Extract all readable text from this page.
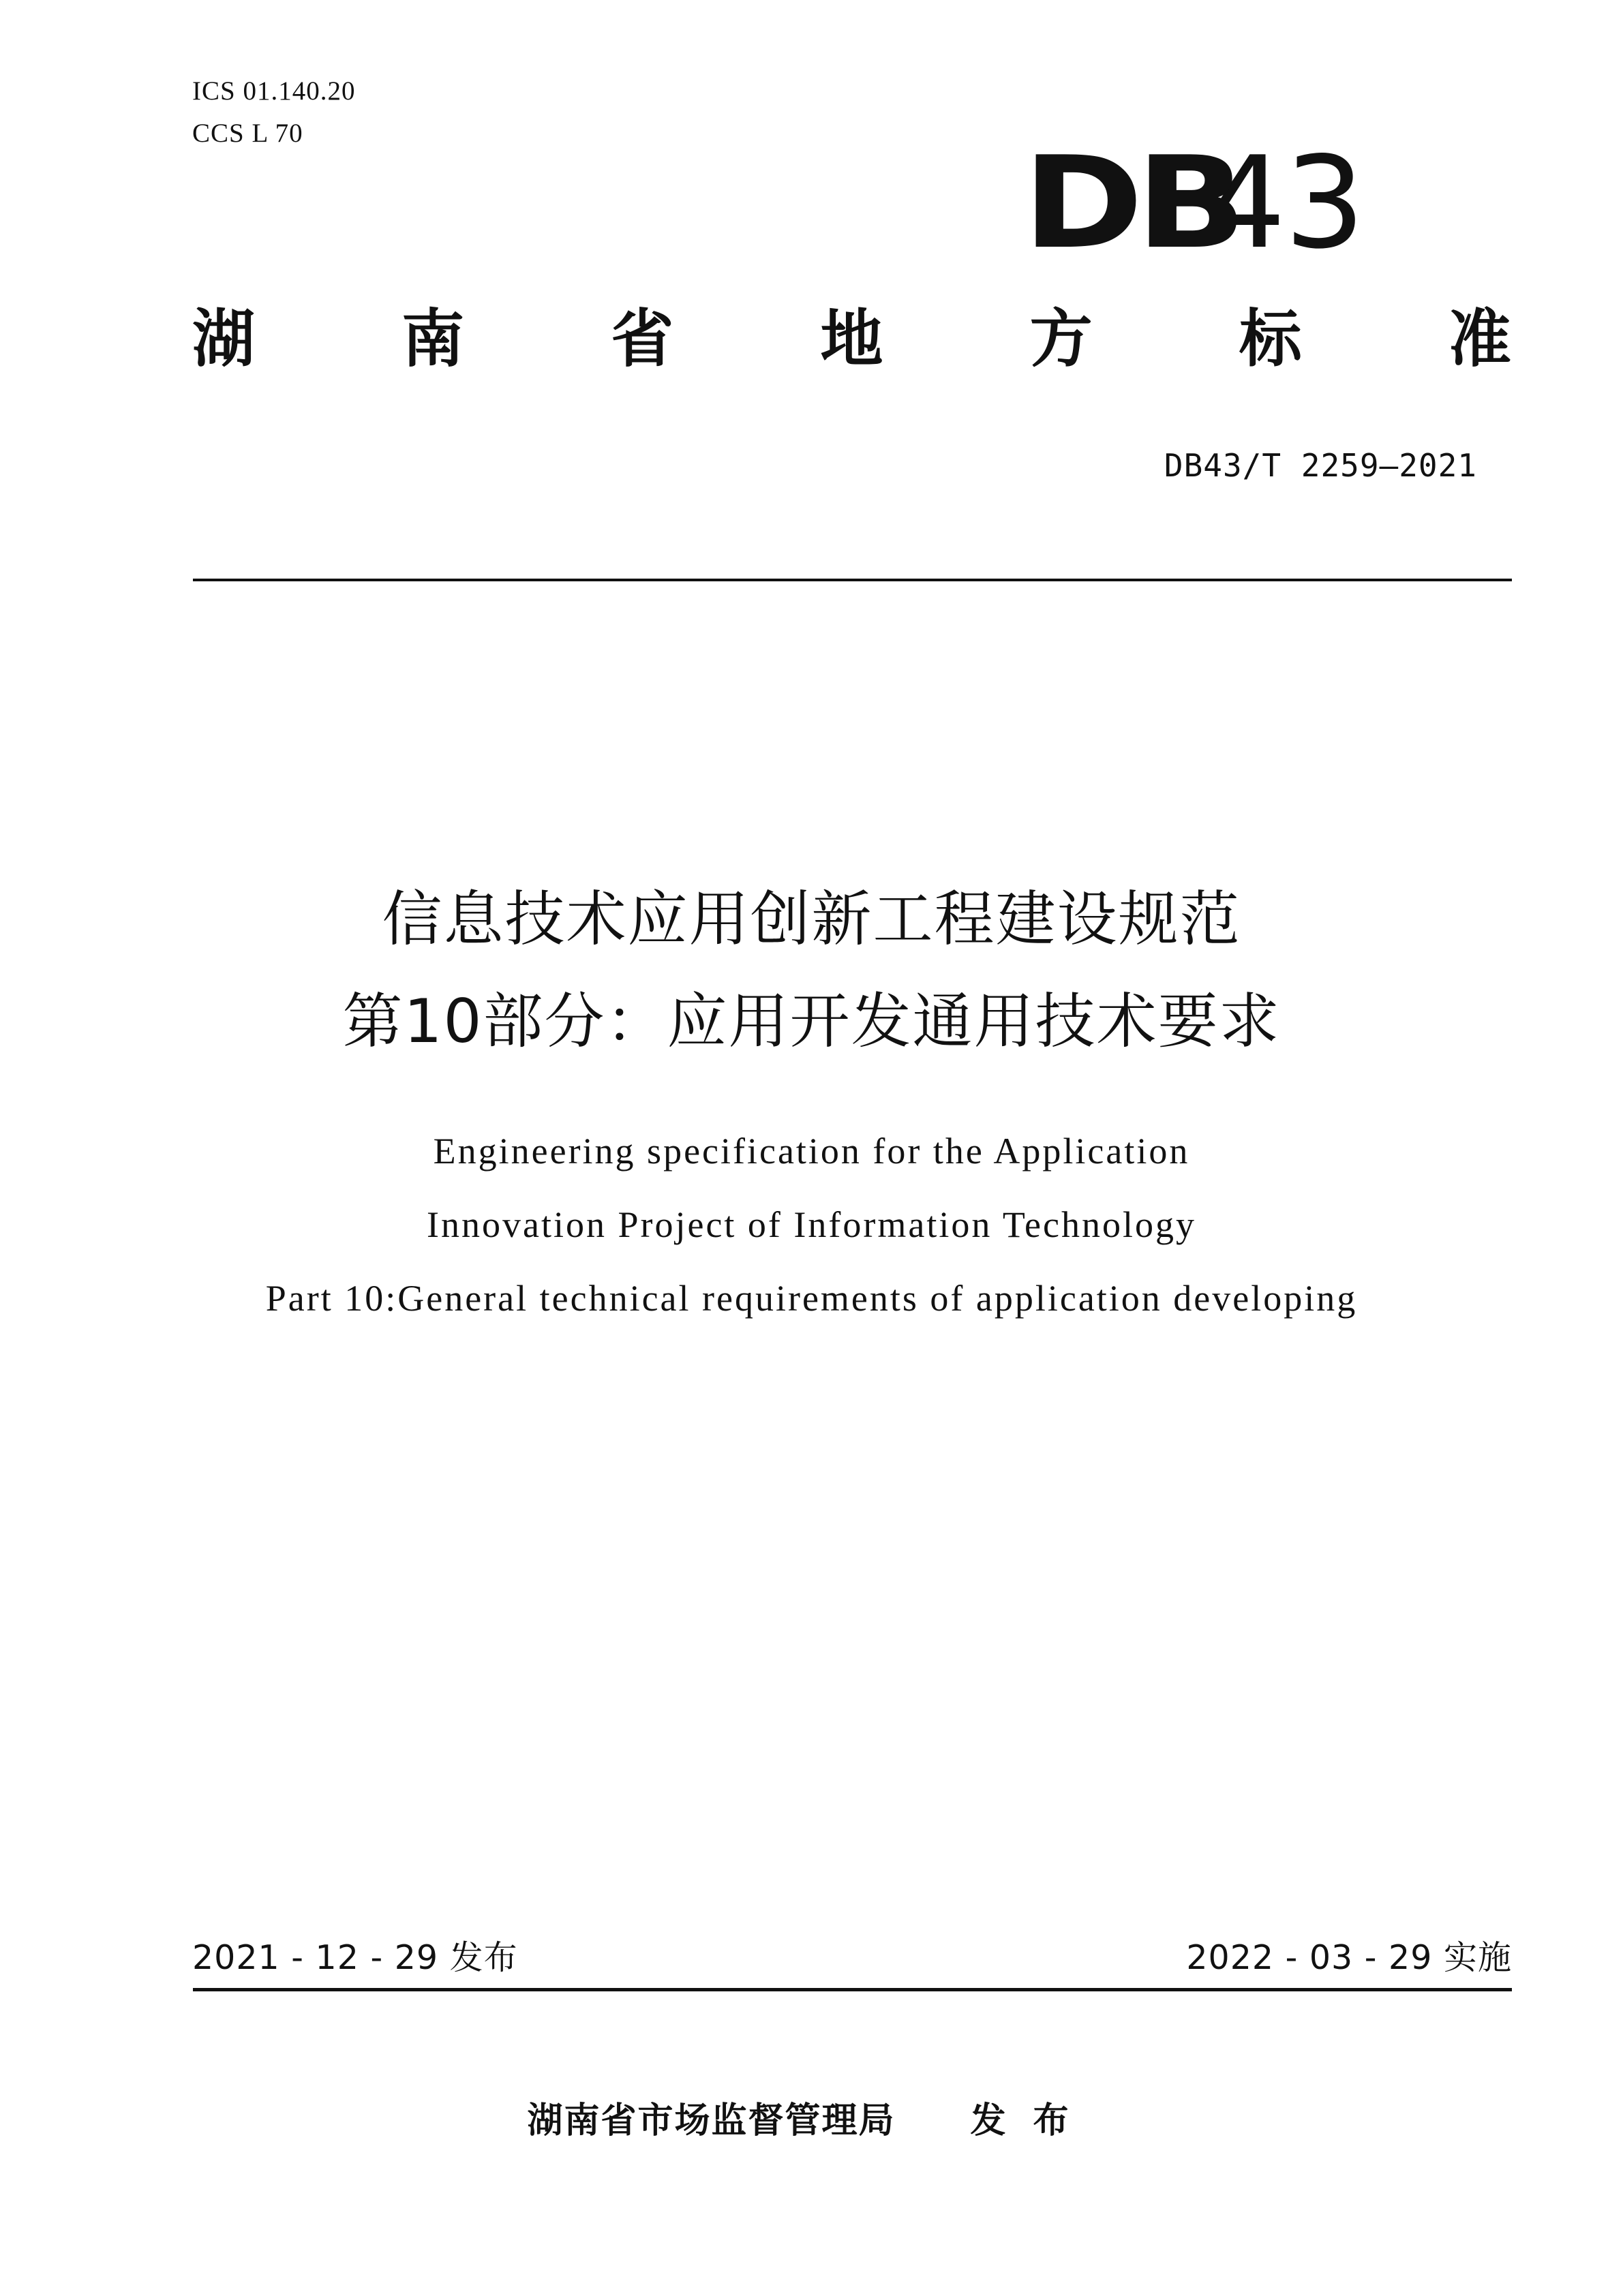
ICS 01.140.20
CCS L 70	DB
43
湖 南 省 地 方 标 准
DB43/T 2259—2021
信息技术应用创新工程建设规范
第10部分：应用开发通用技术要求
Engineering specification for the Application
Innovation Project of Information Technology
Part 10:General technical requirements of application developing
2021 - 12 - 29 发布	2022 - 03 - 29 实施
湖南省市场监督管理局 发布
